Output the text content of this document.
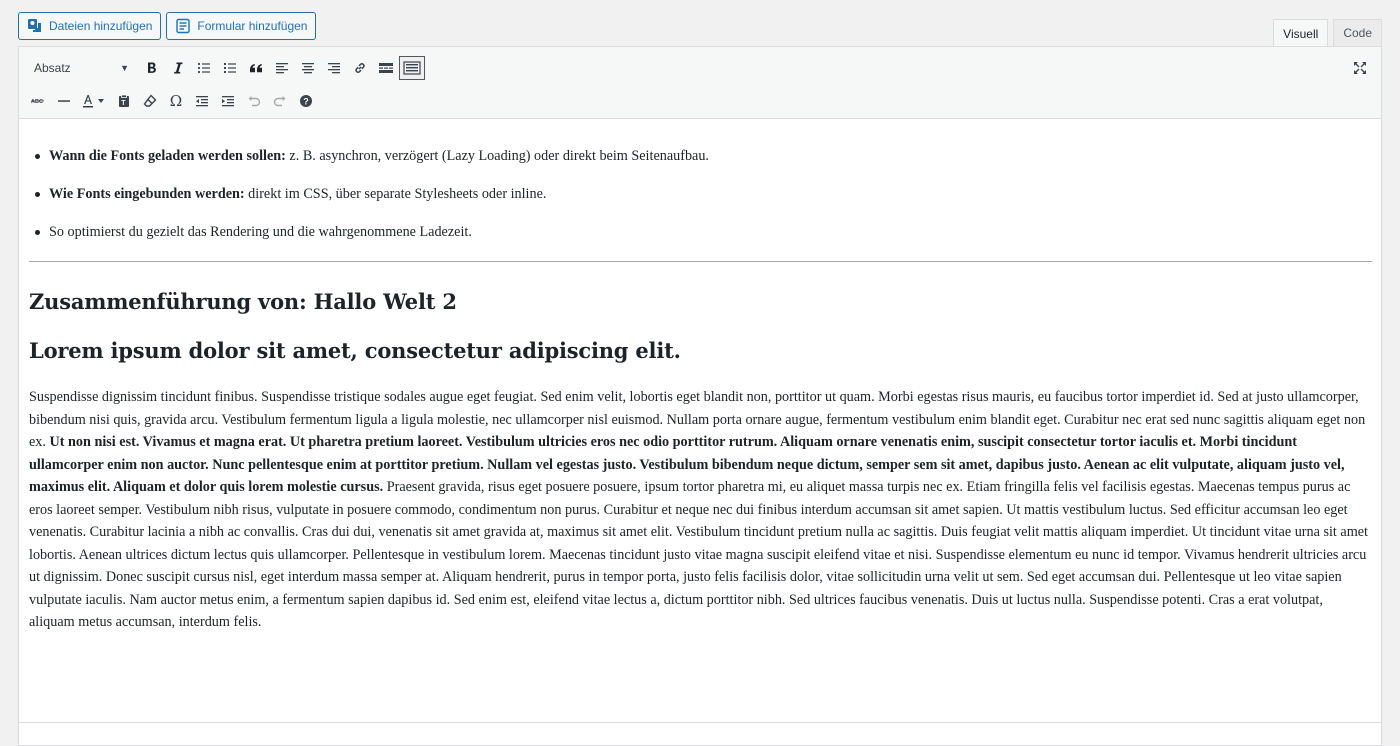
Dateien hinzufügen	Formular hinzufügen
Visuell	Code
Absatz	▼
ABC	T	Ω	?
Wann die Fonts geladen werden sollen: z. B. asynchron, verzögert (Lazy Loading) oder direkt beim Seitenaufbau.
Wie Fonts eingebunden werden: direkt im CSS, über separate Stylesheets oder inline.
So optimierst du gezielt das Rendering und die wahrgenommene Ladezeit.
Zusammenführung von: Hallo Welt 2
Lorem ipsum dolor sit amet, consectetur adipiscing elit.

Suspendisse dignissim tincidunt finibus. Suspendisse tristique sodales augue eget feugiat. Sed enim velit, lobortis eget blandit non, porttitor ut quam. Morbi egestas risus mauris, eu faucibus tortor imperdiet id. Sed at justo ullamcorper, bibendum nisi quis, gravida arcu. Vestibulum fermentum ligula a ligula molestie, nec ullamcorper nisl euismod. Nullam porta ornare augue, fermentum vestibulum enim blandit eget. Curabitur nec erat sed nunc sagittis aliquam eget non ex. Ut non nisi est. Vivamus et magna erat. Ut pharetra pretium laoreet. Vestibulum ultricies eros nec odio porttitor rutrum. Aliquam ornare venenatis enim, suscipit consectetur tortor iaculis et. Morbi tincidunt ullamcorper enim non auctor. Nunc pellentesque enim at porttitor pretium. Nullam vel egestas justo. Vestibulum bibendum neque dictum, semper sem sit amet, dapibus justo. Aenean ac elit vulputate, aliquam justo vel, maximus elit. Aliquam et dolor quis lorem molestie cursus. Praesent gravida, risus eget posuere posuere, ipsum tortor pharetra mi, eu aliquet massa turpis nec ex. Etiam fringilla felis vel facilisis egestas. Maecenas tempus purus ac eros laoreet semper. Vestibulum nibh risus, vulputate in posuere commodo, condimentum non purus. Curabitur et neque nec dui finibus interdum accumsan sit amet sapien. Ut mattis vestibulum luctus. Sed efficitur accumsan leo eget venenatis. Curabitur lacinia a nibh ac convallis. Cras dui dui, venenatis sit amet gravida at, maximus sit amet elit. Vestibulum tincidunt pretium nulla ac sagittis. Duis feugiat velit mattis aliquam imperdiet. Ut tincidunt vitae urna sit amet lobortis. Aenean ultrices dictum lectus quis ullamcorper. Pellentesque in vestibulum lorem. Maecenas tincidunt justo vitae magna suscipit eleifend vitae et nisi. Suspendisse elementum eu nunc id tempor. Vivamus hendrerit ultricies arcu ut dignissim. Donec suscipit cursus nisl, eget interdum massa semper at. Aliquam hendrerit, purus in tempor porta, justo felis facilisis dolor, vitae sollicitudin urna velit ut sem. Sed eget accumsan dui. Pellentesque ut leo vitae sapien vulputate iaculis. Nam auctor metus enim, a fermentum sapien dapibus id. Sed enim est, eleifend vitae lectus a, dictum porttitor nibh. Sed ultrices faucibus venenatis. Duis ut luctus nulla. Suspendisse potenti. Cras a erat volutpat, aliquam metus accumsan, interdum felis.
